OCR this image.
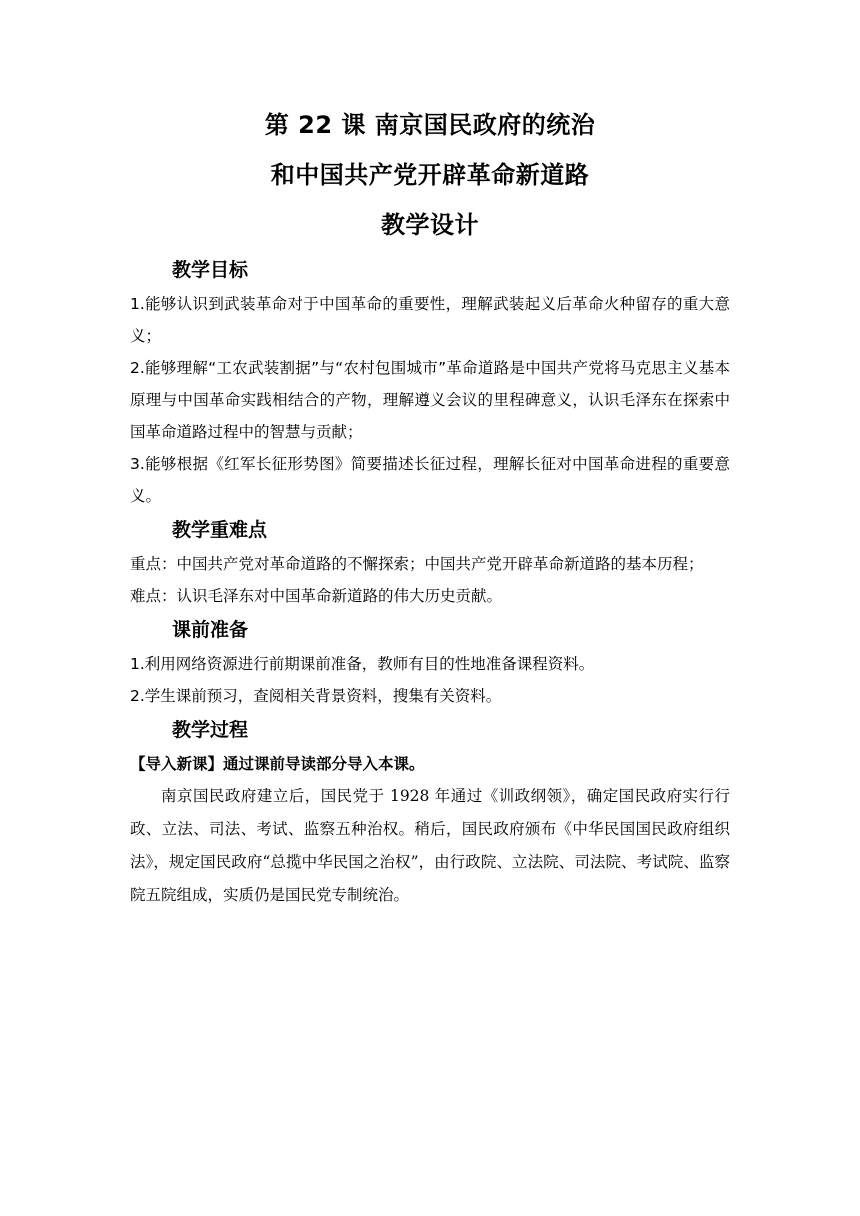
第 22 课 南京国民政府的统治
和中国共产党开辟革命新道路
教学设计
教学目标
1.能够认识到武装革命对于中国革命的重要性，理解武装起义后革命火种留存的重大意义；
2.能够理解“工农武装割据”与“农村包围城市”革命道路是中国共产党将马克思主义基本原理与中国革命实践相结合的产物，理解遵义会议的里程碑意义，认识毛泽东在探索中国革命道路过程中的智慧与贡献；
3.能够根据《红军长征形势图》简要描述长征过程，理解长征对中国革命进程的重要意义。
教学重难点
重点：中国共产党对革命道路的不懈探索；中国共产党开辟革命新道路的基本历程；
难点：认识毛泽东对中国革命新道路的伟大历史贡献。
课前准备
1.利用网络资源进行前期课前准备，教师有目的性地准备课程资料。
2.学生课前预习，查阅相关背景资料，搜集有关资料。
教学过程
【导入新课】通过课前导读部分导入本课。
南京国民政府建立后，国民党于 1928 年通过《训政纲领》，确定国民政府实行行政、立法、司法、考试、监察五种治权。稍后，国民政府颁布《中华民国国民政府组织法》，规定国民政府“总揽中华民国之治权”，由行政院、立法院、司法院、考试院、监察院五院组成，实质仍是国民党专制统治。
